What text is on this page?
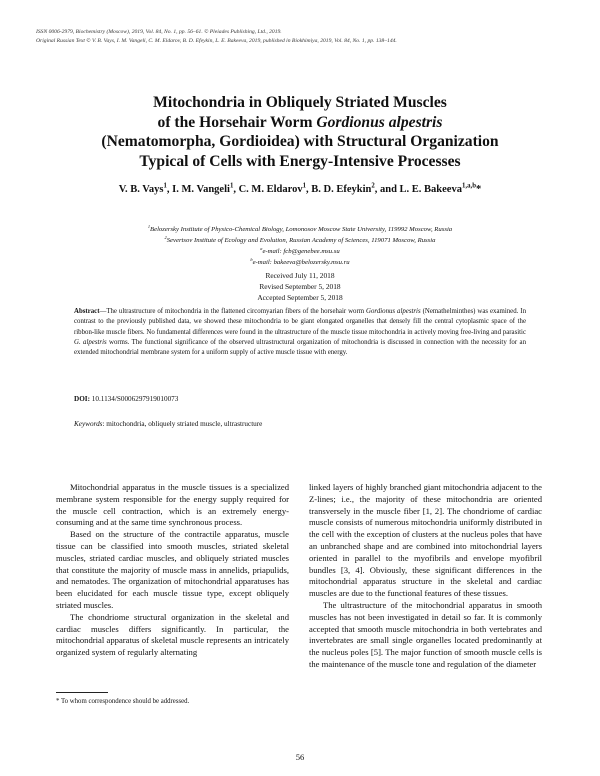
ISSN 0006-2979, Biochemistry (Moscow), 2019, Vol. 84, No. 1, pp. 56–61. © Pleiades Publishing, Ltd., 2019.
Original Russian Text © V. B. Vays, I. M. Vangeli, C. M. Eldarov, B. D. Efeykin, L. E. Bakeeva, 2019, published in Biokhimiya, 2019, Vol. 84, No. 1, pp. 138–144.
Mitochondria in Obliquely Striated Muscles
of the Horsehair Worm Gordionus alpestris
(Nematomorpha, Gordioidea) with Structural Organization
Typical of Cells with Energy-Intensive Processes
V. B. Vays$^1$, I. M. Vangeli$^1$, C. M. Eldarov$^1$, B. D. Efeykin$^2$, and L. E. Bakeeva$^{1,a,b}$*
$^1$Belozersky Institute of Physico-Chemical Biology, Lomonosov Moscow State University, 119992 Moscow, Russia
$^2$Severtsov Institute of Ecology and Evolution, Russian Academy of Sciences, 119071 Moscow, Russia
$^a$e-mail: fcb@genebee.msu.su
$^b$e-mail: bakeeva@belozersky.msu.ru
Received July 11, 2018
Revised September 5, 2018
Accepted September 5, 2018
Abstract—The ultrastructure of mitochondria in the flattened circomyarian fibers of the horsehair worm Gordionus alpestris (Nemathelminthes) was examined. In contrast to the previously published data, we showed these mitochondria to be giant elongated organelles that densely fill the central cytoplasmic space of the ribbon-like muscle fibers. No fundamental differences were found in the ultrastructure of the muscle tissue mitochondria in actively moving free-living and parasitic G. alpestris worms. The functional significance of the observed ultrastructural organization of mitochondria is discussed in connection with the necessity for an extended mitochondrial membrane system for a uniform supply of active muscle tissue with energy.
DOI: 10.1134/S0006297919010073
Keywords: mitochondria, obliquely striated muscle, ultrastructure

Mitochondrial apparatus in the muscle tissues is a specialized membrane system responsible for the energy supply required for the muscle cell contraction, which is an extremely energy-consuming and at the same time synchronous process.

Based on the structure of the contractile apparatus, muscle tissue can be classified into smooth muscles, striated skeletal muscles, striated cardiac muscles, and obliquely striated muscles that constitute the majority of muscle mass in annelids, priapulids, and nematodes. The organization of mitochondrial apparatuses has been elucidated for each muscle tissue type, except obliquely striated muscles.

The chondriome structural organization in the skeletal and cardiac muscles differs significantly. In particular, the mitochondrial apparatus of skeletal muscle represents an intricately organized system of regularly alternating

linked layers of highly branched giant mitochondria adjacent to the Z-lines; i.e., the majority of these mitochondria are oriented transversely in the muscle fiber [1, 2]. The chondriome of cardiac muscle consists of numerous mitochondria uniformly distributed in the cell with the exception of clusters at the nucleus poles that have an unbranched shape and are combined into mitochondrial layers oriented in parallel to the myofibrils and envelope myofibril bundles [3, 4]. Obviously, these significant differences in the mitochondrial apparatus structure in the skeletal and cardiac muscles are due to the functional features of these tissues.

The ultrastructure of the mitochondrial apparatus in smooth muscles has not been investigated in detail so far. It is commonly accepted that smooth muscle mitochondria in both vertebrates and invertebrates are small single organelles located predominantly at the nucleus poles [5]. The major function of smooth muscle cells is the maintenance of the muscle tone and regulation of the diameter

* To whom correspondence should be addressed.
56
